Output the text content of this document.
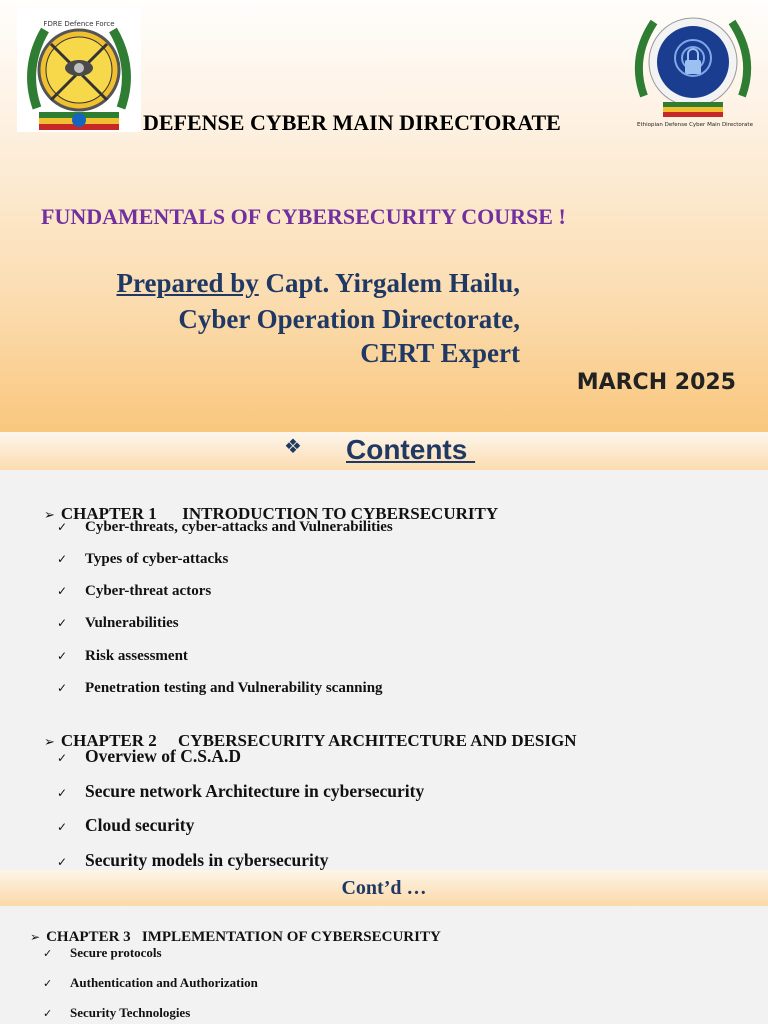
FDRE Defence Force
Ethiopian Defense Cyber Main Directorate
DEFENSE CYBER MAIN DIRECTORATE
FUNDAMENTALS OF CYBERSECURITY COURSE !
Prepared by Capt. Yirgalem Hailu,
Cyber Operation Directorate,
CERT Expert
MARCH 2025
❖ Contents

➢ CHAPTER 1      INTRODUCTION TO CYBERSECURITY

✓ Cyber-threats, cyber-attacks and Vulnerabilities
✓ Types of cyber-attacks
✓ Cyber-threat actors
✓ Vulnerabilities
✓ Risk assessment
✓ Penetration testing and Vulnerability scanning

➢ CHAPTER 2     CYBERSECURITY ARCHITECTURE AND DESIGN

✓ Overview of C.S.A.D
✓ Secure network Architecture in cybersecurity
✓ Cloud security
✓ Security models in cybersecurity
Cont’d …

➢ CHAPTER 3   IMPLEMENTATION OF CYBERSECURITY

✓ Secure protocols
✓ Authentication and Authorization
✓ Security Technologies
